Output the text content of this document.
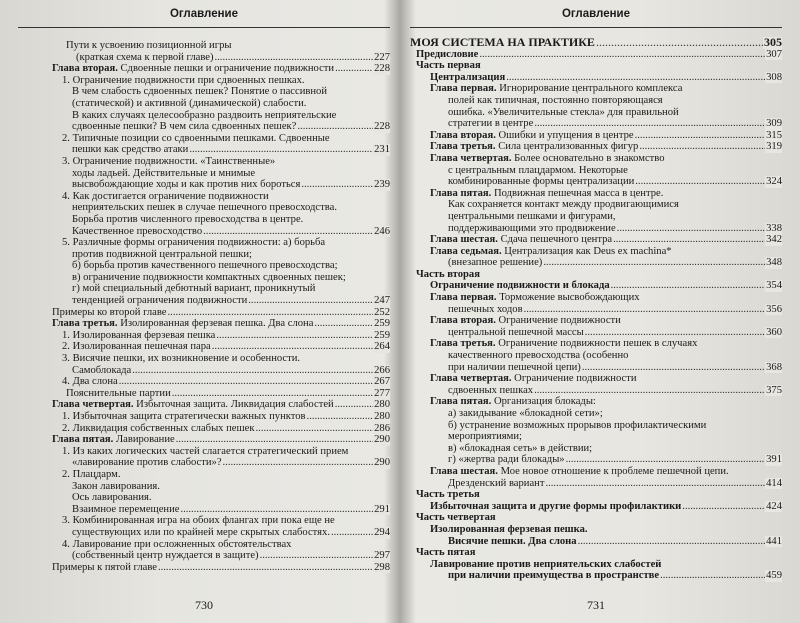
Оглавление
Пути к усвоению позиционной игры
(краткая схема к первой главе) .....	227
Глава вторая. Сдвоенные пешки и ограничение подвижности .....	228
1. Ограничение подвижности при сдвоенных пешках.
В чем слабость сдвоенных пешек? Понятие о пассивной
(статической) и активной (динамической) слабости.
В каких случаях целесообразно раздвоить неприятельские
сдвоенные пешки? В чем сила сдвоенных пешек? .....	228
2. Типичные позиции со сдвоенными пешками. Сдвоенные
пешки как средство атаки .....	231
3. Ограничение подвижности. «Таинственные»
ходы ладьей. Действительные и мнимые
высвобождающие ходы и как против них бороться .....	239
4. Как достигается ограничение подвижности
неприятельских пешек в случае пешечного превосходства.
Борьба против численного превосходства в центре.
Качественное превосходство .....	246
5. Различные формы ограничения подвижности: а) борьба
против подвижной центральной пешки;
б) борьба против качественного пешечного превосходства;
в) ограничение подвижности компактных сдвоенных пешек;
г) мой специальный дебютный вариант, проникнутый
тенденцией ограничения подвижности .....	247
Примеры ко второй главе .....	252
Глава третья. Изолированная ферзевая пешка. Два слона .....	259
1. Изолированная ферзевая пешка .....	259
2. Изолированная пешечная пара .....	264
3. Висячие пешки, их возникновение и особенности.
Самоблокада .....	266
4. Два слона .....	267
Пояснительные партии .....	277
Глава четвертая. Избыточная защита. Ликвидация слабостей .....	280
1. Избыточная защита стратегически важных пунктов .....	280
2. Ликвидация собственных слабых пешек .....	286
Глава пятая. Лавирование .....	290
1. Из каких логических частей слагается стратегический прием
«лавирование против слабости»? .....	290
2. Плацдарм.
Закон лавирования.
Ось лавирования.
Взаимное перемещение .....	291
3. Комбинированная игра на обоих флангах при пока еще не
существующих или по крайней мере скрытых слабостях. .....	294
4. Лавирование при осложненных обстоятельствах
(собственный центр нуждается в защите) .....	297
Примеры к пятой главе .....	298
730
Оглавление
МОЯ СИСТЕМА НА ПРАКТИКЕ .....	305
Предисловие .....	307
Часть первая
Централизация .....	308
Глава первая. Игнорирование центрального комплекса
полей как типичная, постоянно повторяющаяся
ошибка. «Увеличительные стекла» для правильной
стратегии в центре .....	309
Глава вторая. Ошибки и упущения в центре .....	315
Глава третья. Сила централизованных фигур .....	319
Глава четвертая. Более основательно в знакомство
с центральным плацдармом. Некоторые
комбинированные формы централизации .....	324
Глава пятая. Подвижная пешечная масса в центре.
Как сохраняется контакт между продвигающимися
центральными пешками и фигурами,
поддерживающими это продвижение .....	338
Глава шестая. Сдача пешечного центра .....	342
Глава седьмая. Централизация как Deus ex machina*
(внезапное решение) .....	348
Часть вторая
Ограничение подвижности и блокада .....	354
Глава первая. Торможение высвобождающих
пешечных ходов .....	356
Глава вторая. Ограничение подвижности
центральной пешечной массы .....	360
Глава третья. Ограничение подвижности пешек в случаях
качественного превосходства (особенно
при наличии пешечной цепи) .....	368
Глава четвертая. Ограничение подвижности
сдвоенных пешках .....	375
Глава пятая. Организация блокады:
а) закидывание «блокадной сети»;
б) устранение возможных прорывов профилактическими
мероприятиями;
в) «блокадная сеть» в действии;
г) «жертва ради блокады» .....	391
Глава шестая. Мое новое отношение к проблеме пешечной цепи.
Дрезденский вариант .....	414
Часть третья
Избыточная защита и другие формы профилактики .....	424
Часть четвертая
Изолированная ферзевая пешка.
Висячие пешки. Два слона .....	441
Часть пятая
Лавирование против неприятельских слабостей
при наличии преимущества в пространстве .....	459
731
